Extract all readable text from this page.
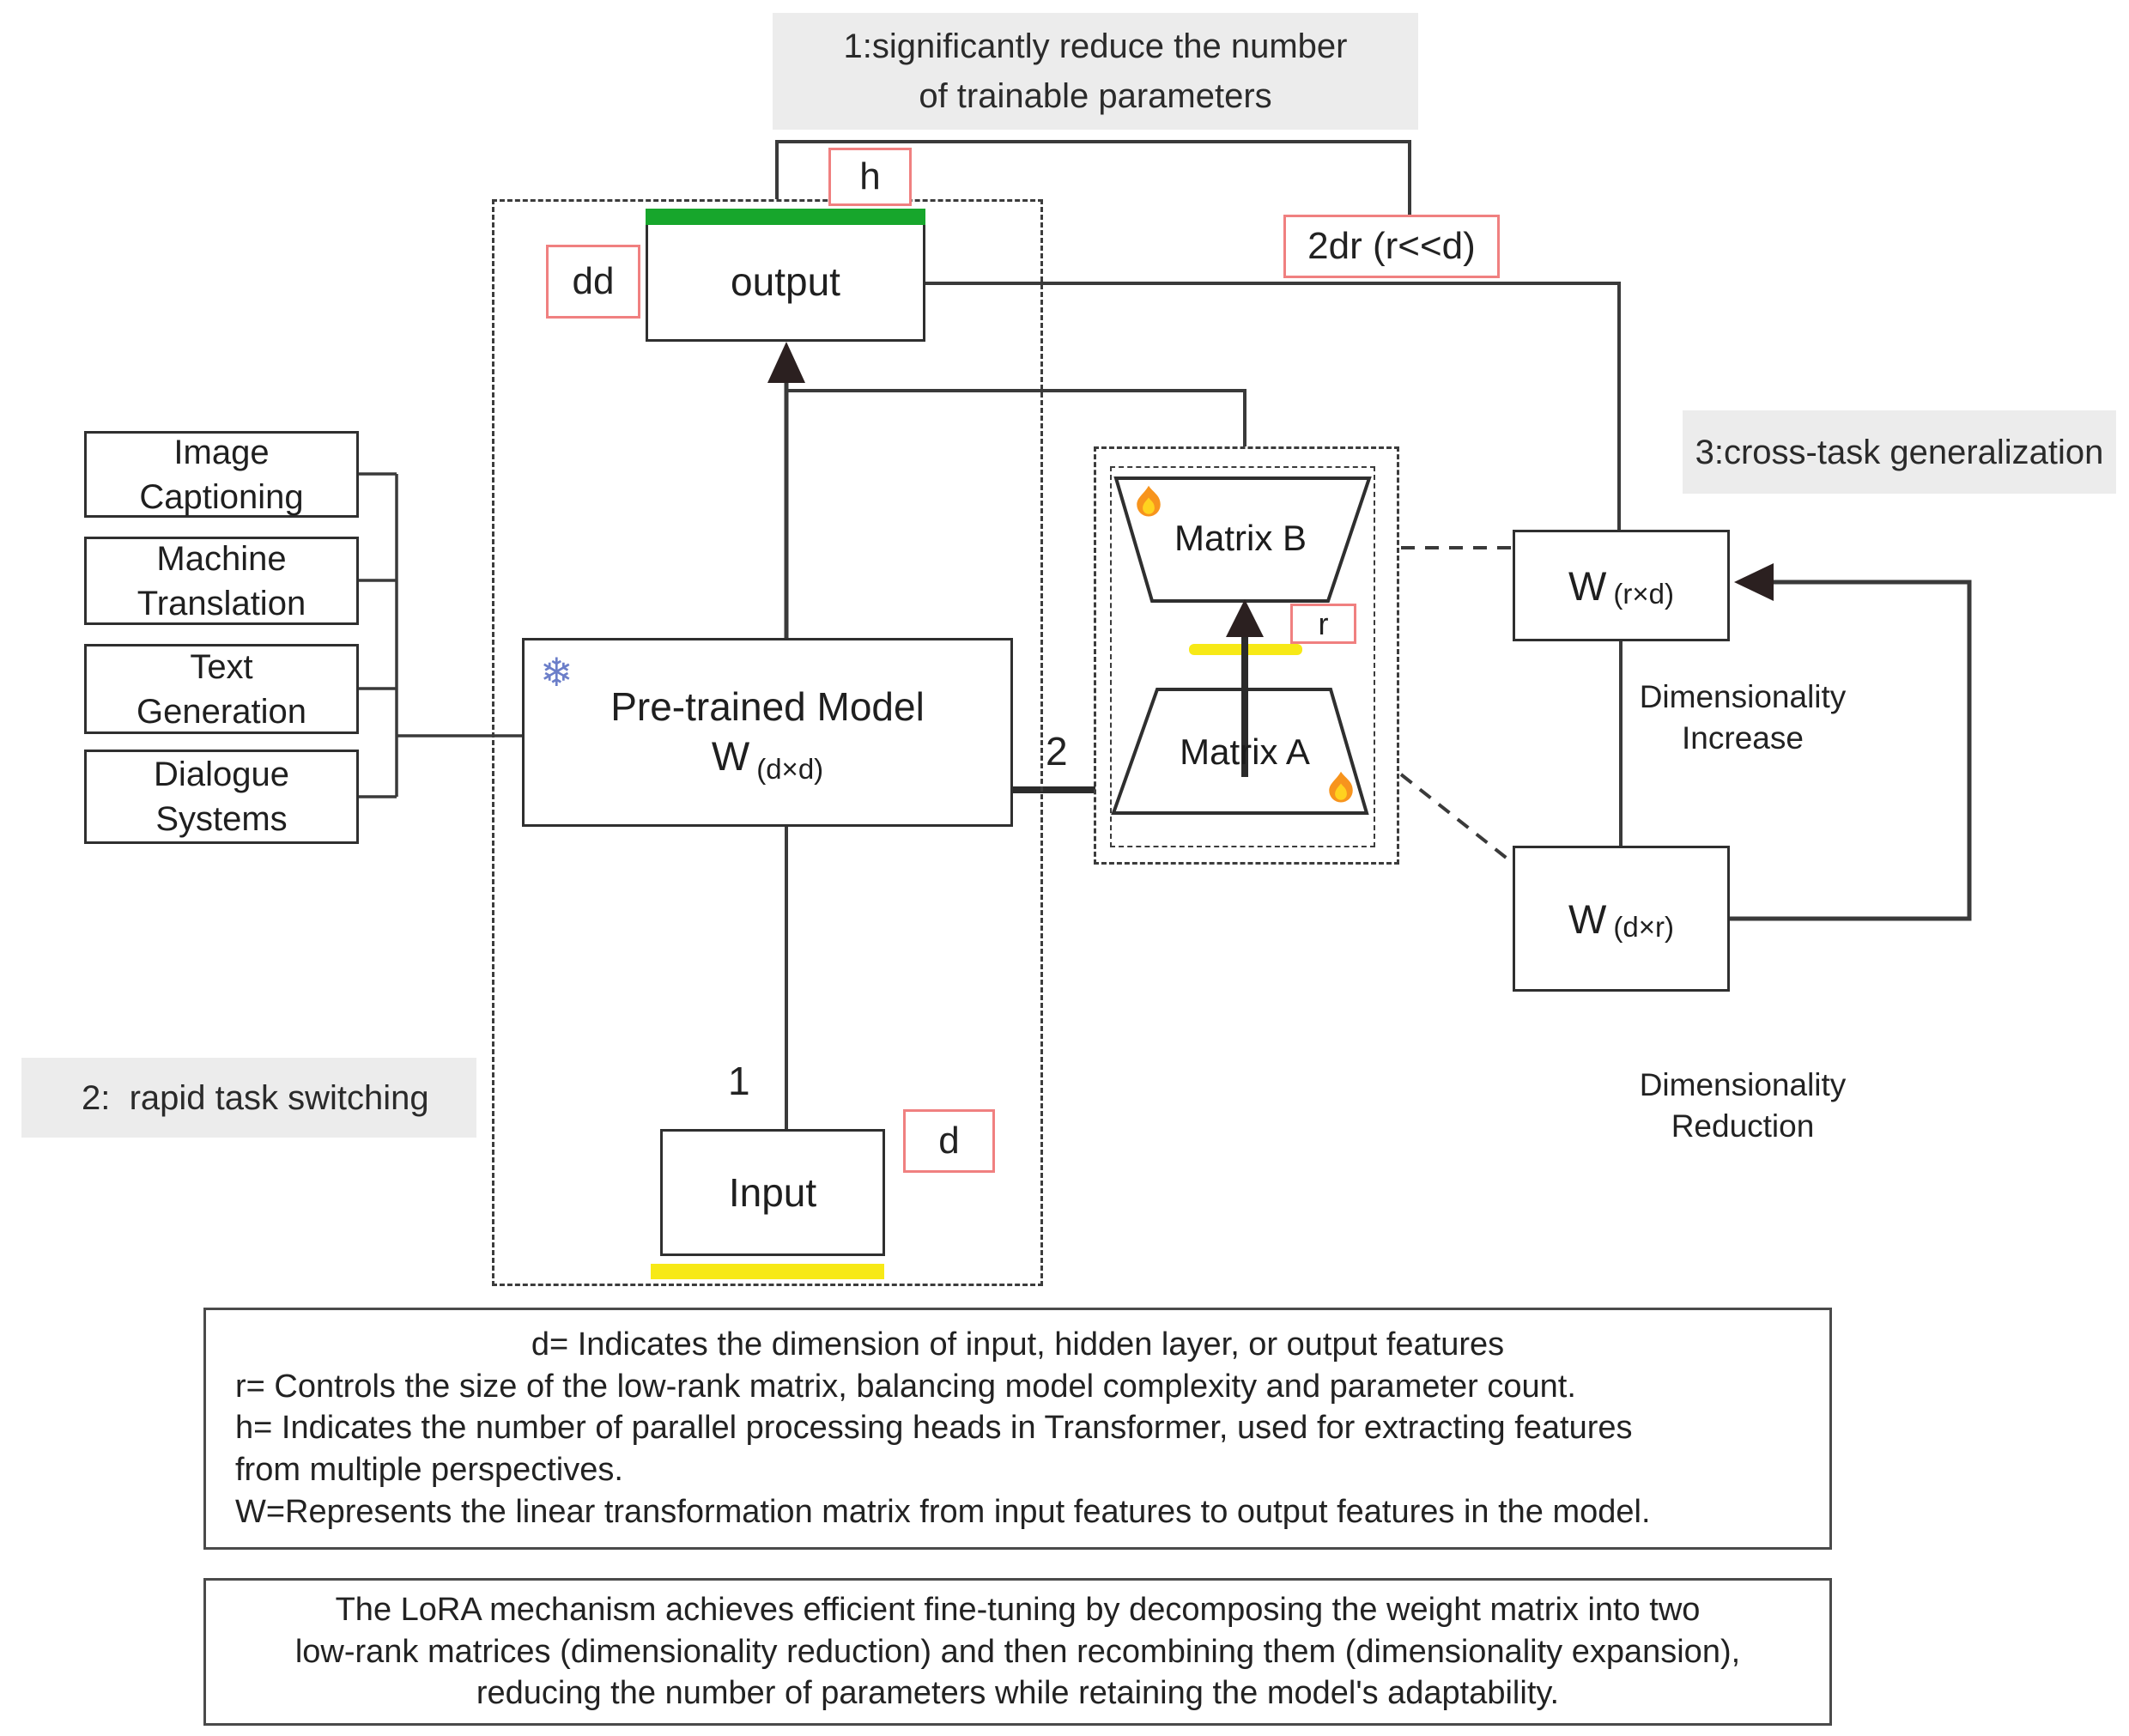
1:significantly reduce the number
of trainable parameters
3:cross-task generalization
2:  rapid task switching
h
dd
2dr (r<<d)
d
r
1
2
output
❄
Pre-trained Model
W $_{(d\times d)}$
Input
Matrix B
Matrix A
W (r×d)
Dimensionality
Increase
W (d×r)
Dimensionality
Reduction
Image
Captioning
Machine
Translation
Text
Generation
Dialogue
Systems
d= Indicates the dimension of input, hidden layer, or output features
r= Controls the size of the low-rank matrix, balancing model complexity and parameter count.
h= Indicates the number of parallel processing heads in Transformer, used for extracting features
from multiple perspectives.
W=Represents the linear transformation matrix from input features to output features in the model.
The LoRA mechanism achieves efficient fine-tuning by decomposing the weight matrix into two
low-rank matrices (dimensionality reduction) and then recombining them (dimensionality expansion),
reducing the number of parameters while retaining the model's adaptability.
